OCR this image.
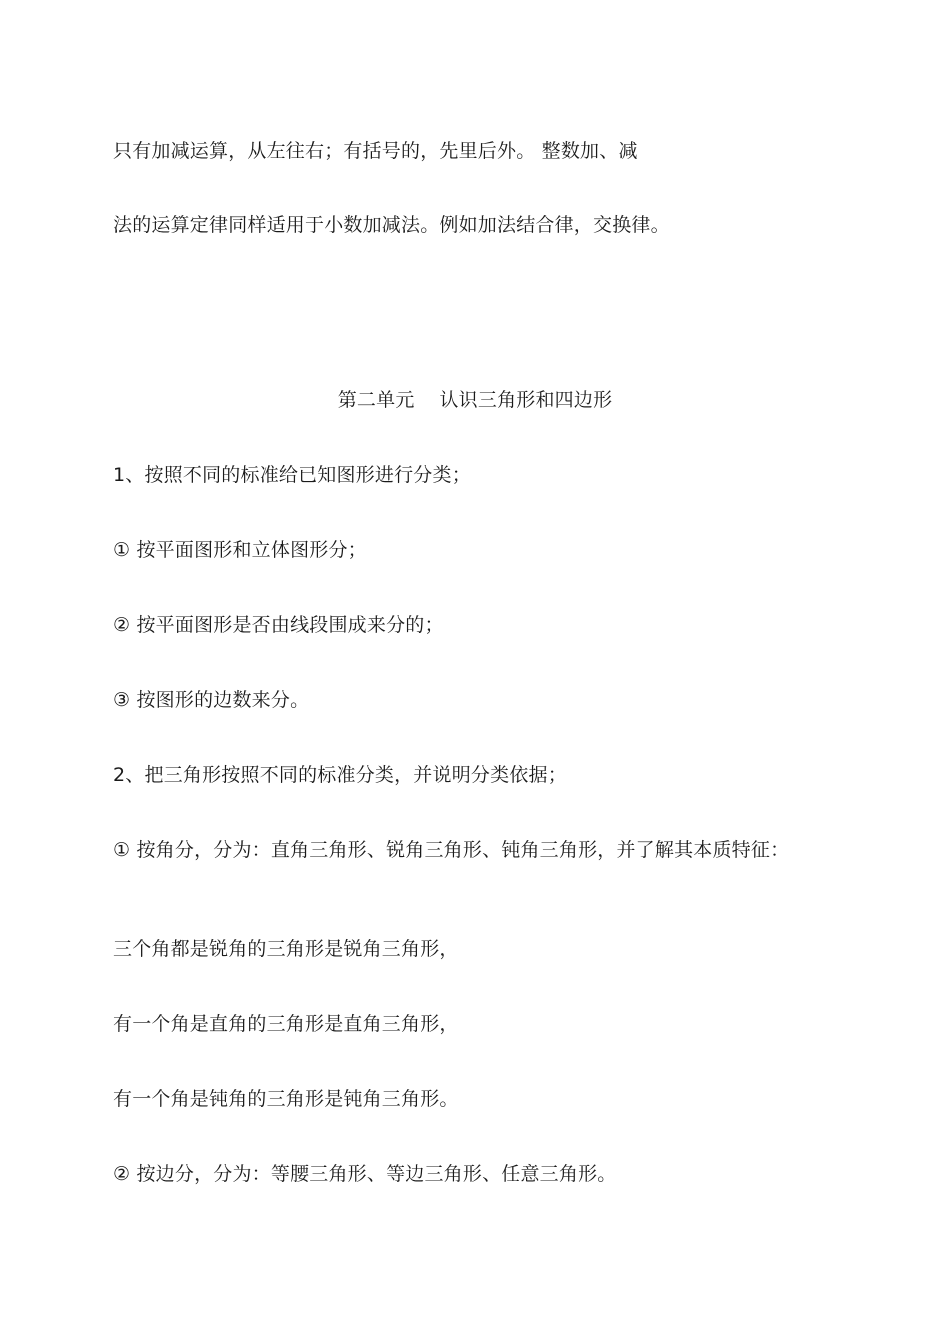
只有加减运算，从左往右；有括号的，先里后外。 整数加、减
法的运算定律同样适用于小数加减法。例如加法结合律，交换律。
第二单元    认识三角形和四边形
1、按照不同的标准给已知图形进行分类；
① 按平面图形和立体图形分；
② 按平面图形是否由线段围成来分的；
③ 按图形的边数来分。
2、把三角形按照不同的标准分类，并说明分类依据；
① 按角分，分为：直角三角形、锐角三角形、钝角三角形，并了解其本质特征：
三个角都是锐角的三角形是锐角三角形，
有一个角是直角的三角形是直角三角形，
有一个角是钝角的三角形是钝角三角形。
② 按边分，分为：等腰三角形、等边三角形、任意三角形。
